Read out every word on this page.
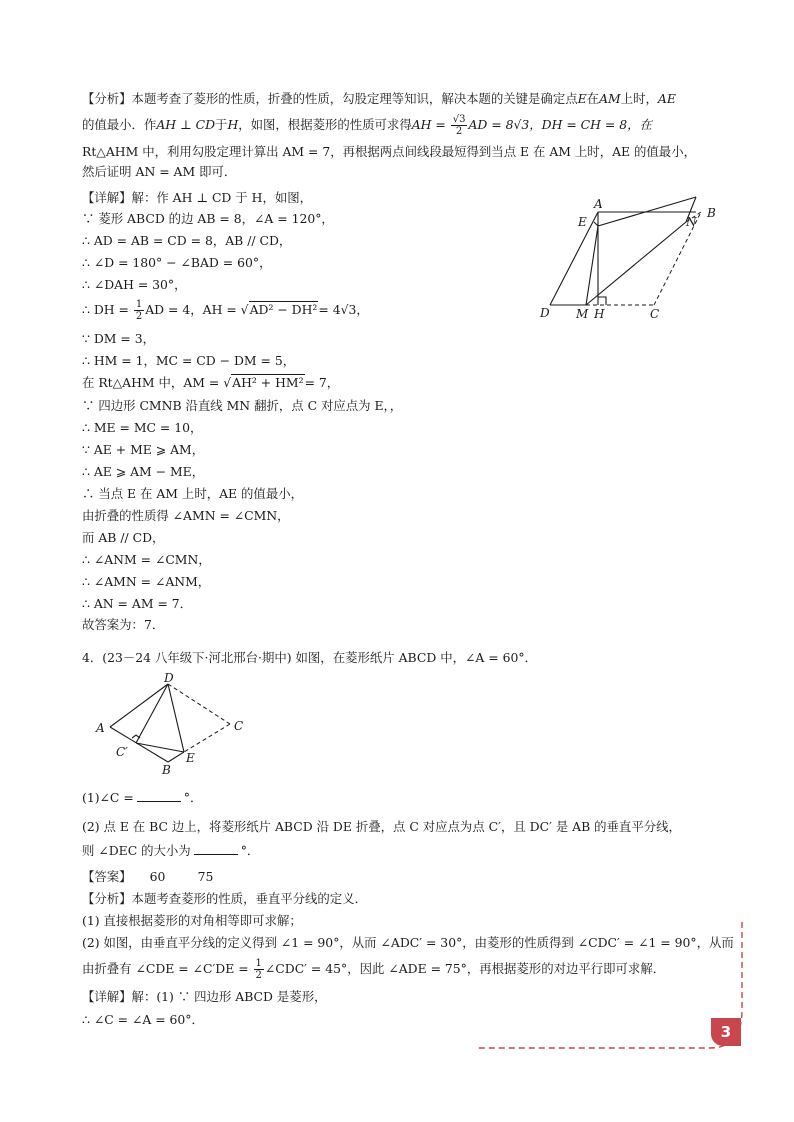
【分析】本题考查了菱形的性质，折叠的性质，勾股定理等知识，解决本题的关键是确定点E在AM上时，AE
的值最小．作AH ⊥ CD于H，如图，根据菱形的性质可求得AH = $\frac{√3}{2}$ AD = 8√3，DH = CH = 8，在
Rt△AHM 中，利用勾股定理计算出 AM = 7，再根据两点间线段最短得到当点 E 在 AM 上时，AE 的值最小，
然后证明 AN = AM 即可．
【详解】解：作 AH ⊥ CD 于 H，如图，
∵ 菱形 ABCD 的边 AB = 8，∠A = 120°，
∴ AD = AB = CD = 8，AB // CD，
∴ ∠D = 180° − ∠BAD = 60°，
∴ ∠DAH = 30°，
∴ DH = $\frac{1}{2}$ AD = 4，AH = √AD² − DH²= 4√3，
∵ DM = 3，
∴ HM = 1，MC = CD − DM = 5，
在 Rt△AHM 中，AM = √AH² + HM²= 7，
∵ 四边形 CMNB 沿直线 MN 翻折，点 C 对应点为 E，，
∴ ME = MC = 10，
∵ AE + ME ⩾ AM，
∴ AE ⩾ AM − ME，
∴ 当点 E 在 AM 上时，AE 的值最小，
由折叠的性质得 ∠AMN = ∠CMN，
而 AB // CD，
∴ ∠ANM = ∠CMN，
∴ ∠AMN = ∠ANM，
∴ AN = AM = 7．
故答案为：7．
A
B
E	N
D M H	C
4．(23－24 八年级下·河北邢台·期中) 如图，在菱形纸片 ABCD 中，∠A = 60°．
D
A	C
C′
B
E
(1)∠C =	°．
(2) 点 E 在 BC 边上，将菱形纸片 ABCD 沿 DE 折叠，点 C 对应点为点 C′，且 DC′ 是 AB 的垂直平分线，
则 ∠DEC 的大小为	°．
【答案】 60	75
【分析】本题考查菱形的性质，垂直平分线的定义．
(1) 直接根据菱形的对角相等即可求解；
(2) 如图，由垂直平分线的定义得到 ∠1 = 90°，从而 ∠ADC′ = 30°，由菱形的性质得到 ∠CDC′ = ∠1 = 90°，从而
由折叠有 ∠CDE = ∠C′DE = $\frac{1}{2}$ ∠CDC′ = 45°，因此 ∠ADE = 75°，再根据菱形的对边平行即可求解．
【详解】解：(1) ∵ 四边形 ABCD 是菱形，
∴ ∠C = ∠A = 60°．
3
